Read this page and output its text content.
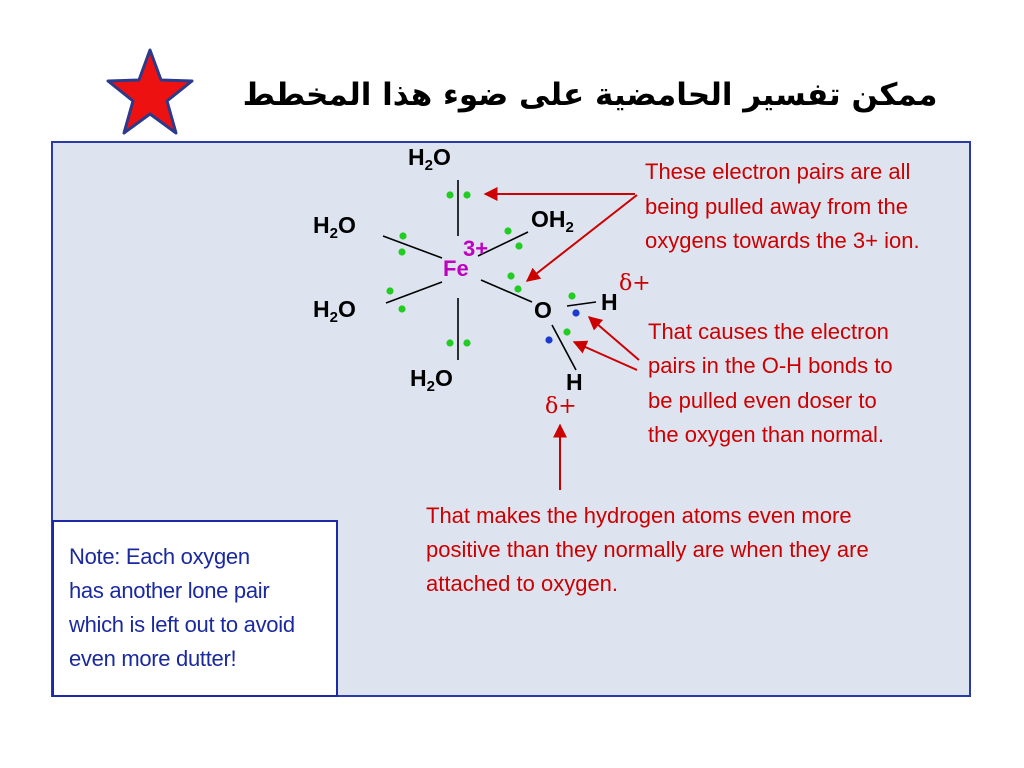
ممكن تفسير الحامضية على ضوء هذا المخطط
$H_2O$
$H_2O$	$OH_2$
$H_2O$
$H_2O$
Fe
3+
O H
H
δ+
δ+
These electron pairs are all being pulled away from the oxygens towards the 3+ ion.
That causes the electron pairs in the O-H bonds to be pulled even doser to the oxygen than normal.
That makes the hydrogen atoms even more positive than they normally are when they are attached to oxygen.
Note: Each oxygen
has another lone pair
which is left out to avoid
even more dutter!
